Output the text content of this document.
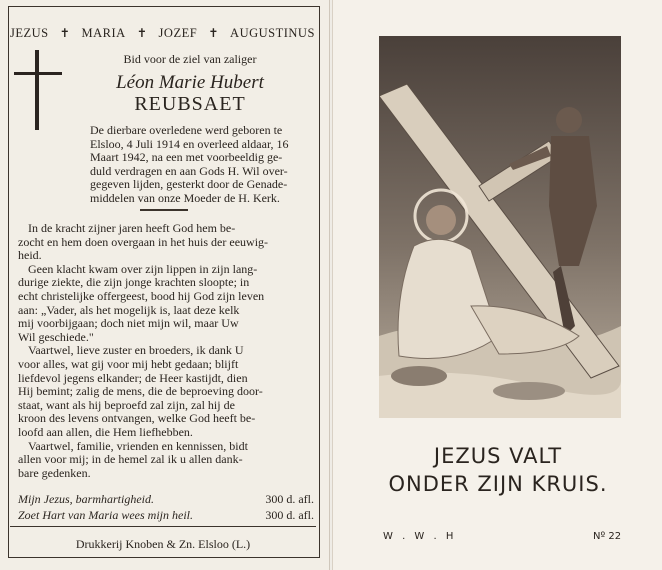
JEZUS ✝ MARIA ✝ JOZEF ✝ AUGUSTINUS
Bid voor de ziel van zaliger
Léon Marie Hubert
REUBSAET
De dierbare overledene werd geboren te
Elsloo, 4 Juli 1914 en overleed aldaar, 16
Maart 1942, na een met voorbeeldig ge-
duld verdragen en aan Gods H. Wil over-
gegeven lijden, gesterkt door de Genade-
middelen van onze Moeder de H. Kerk.
In de kracht zijner jaren heeft God hem be-
zocht en hem doen overgaan in het huis der eeuwig-
heid.
Geen klacht kwam over zijn lippen in zijn lang-
durige ziekte, die zijn jonge krachten sloopte; in
echt christelijke offergeest, bood hij God zijn leven
aan: „Vader, als het mogelijk is, laat deze kelk
mij voorbijgaan; doch niet mijn wil, maar Uw
Wil geschiede."
Vaartwel, lieve zuster en broeders, ik dank U
voor alles, wat gij voor mij hebt gedaan; blijft
liefdevol jegens elkander; de Heer kastijdt, dien
Hij bemint; zalig de mens, die de beproeving door-
staat, want als hij beproefd zal zijn, zal hij de
kroon des levens ontvangen, welke God heeft be-
loofd aan allen, die Hem liefhebben.
Vaartwel, familie, vrienden en kennissen, bidt
allen voor mij; in de hemel zal ik u allen dank-
bare gedenken.
Mijn Jezus, barmhartigheid.	300 d. afl.
Zoet Hart van Maria wees mijn heil.	300 d. afl.
Drukkerij Knoben & Zn. Elsloo (L.)
JEZUS VALT
ONDER ZIJN KRUIS.
W . W . H	Nº 22
